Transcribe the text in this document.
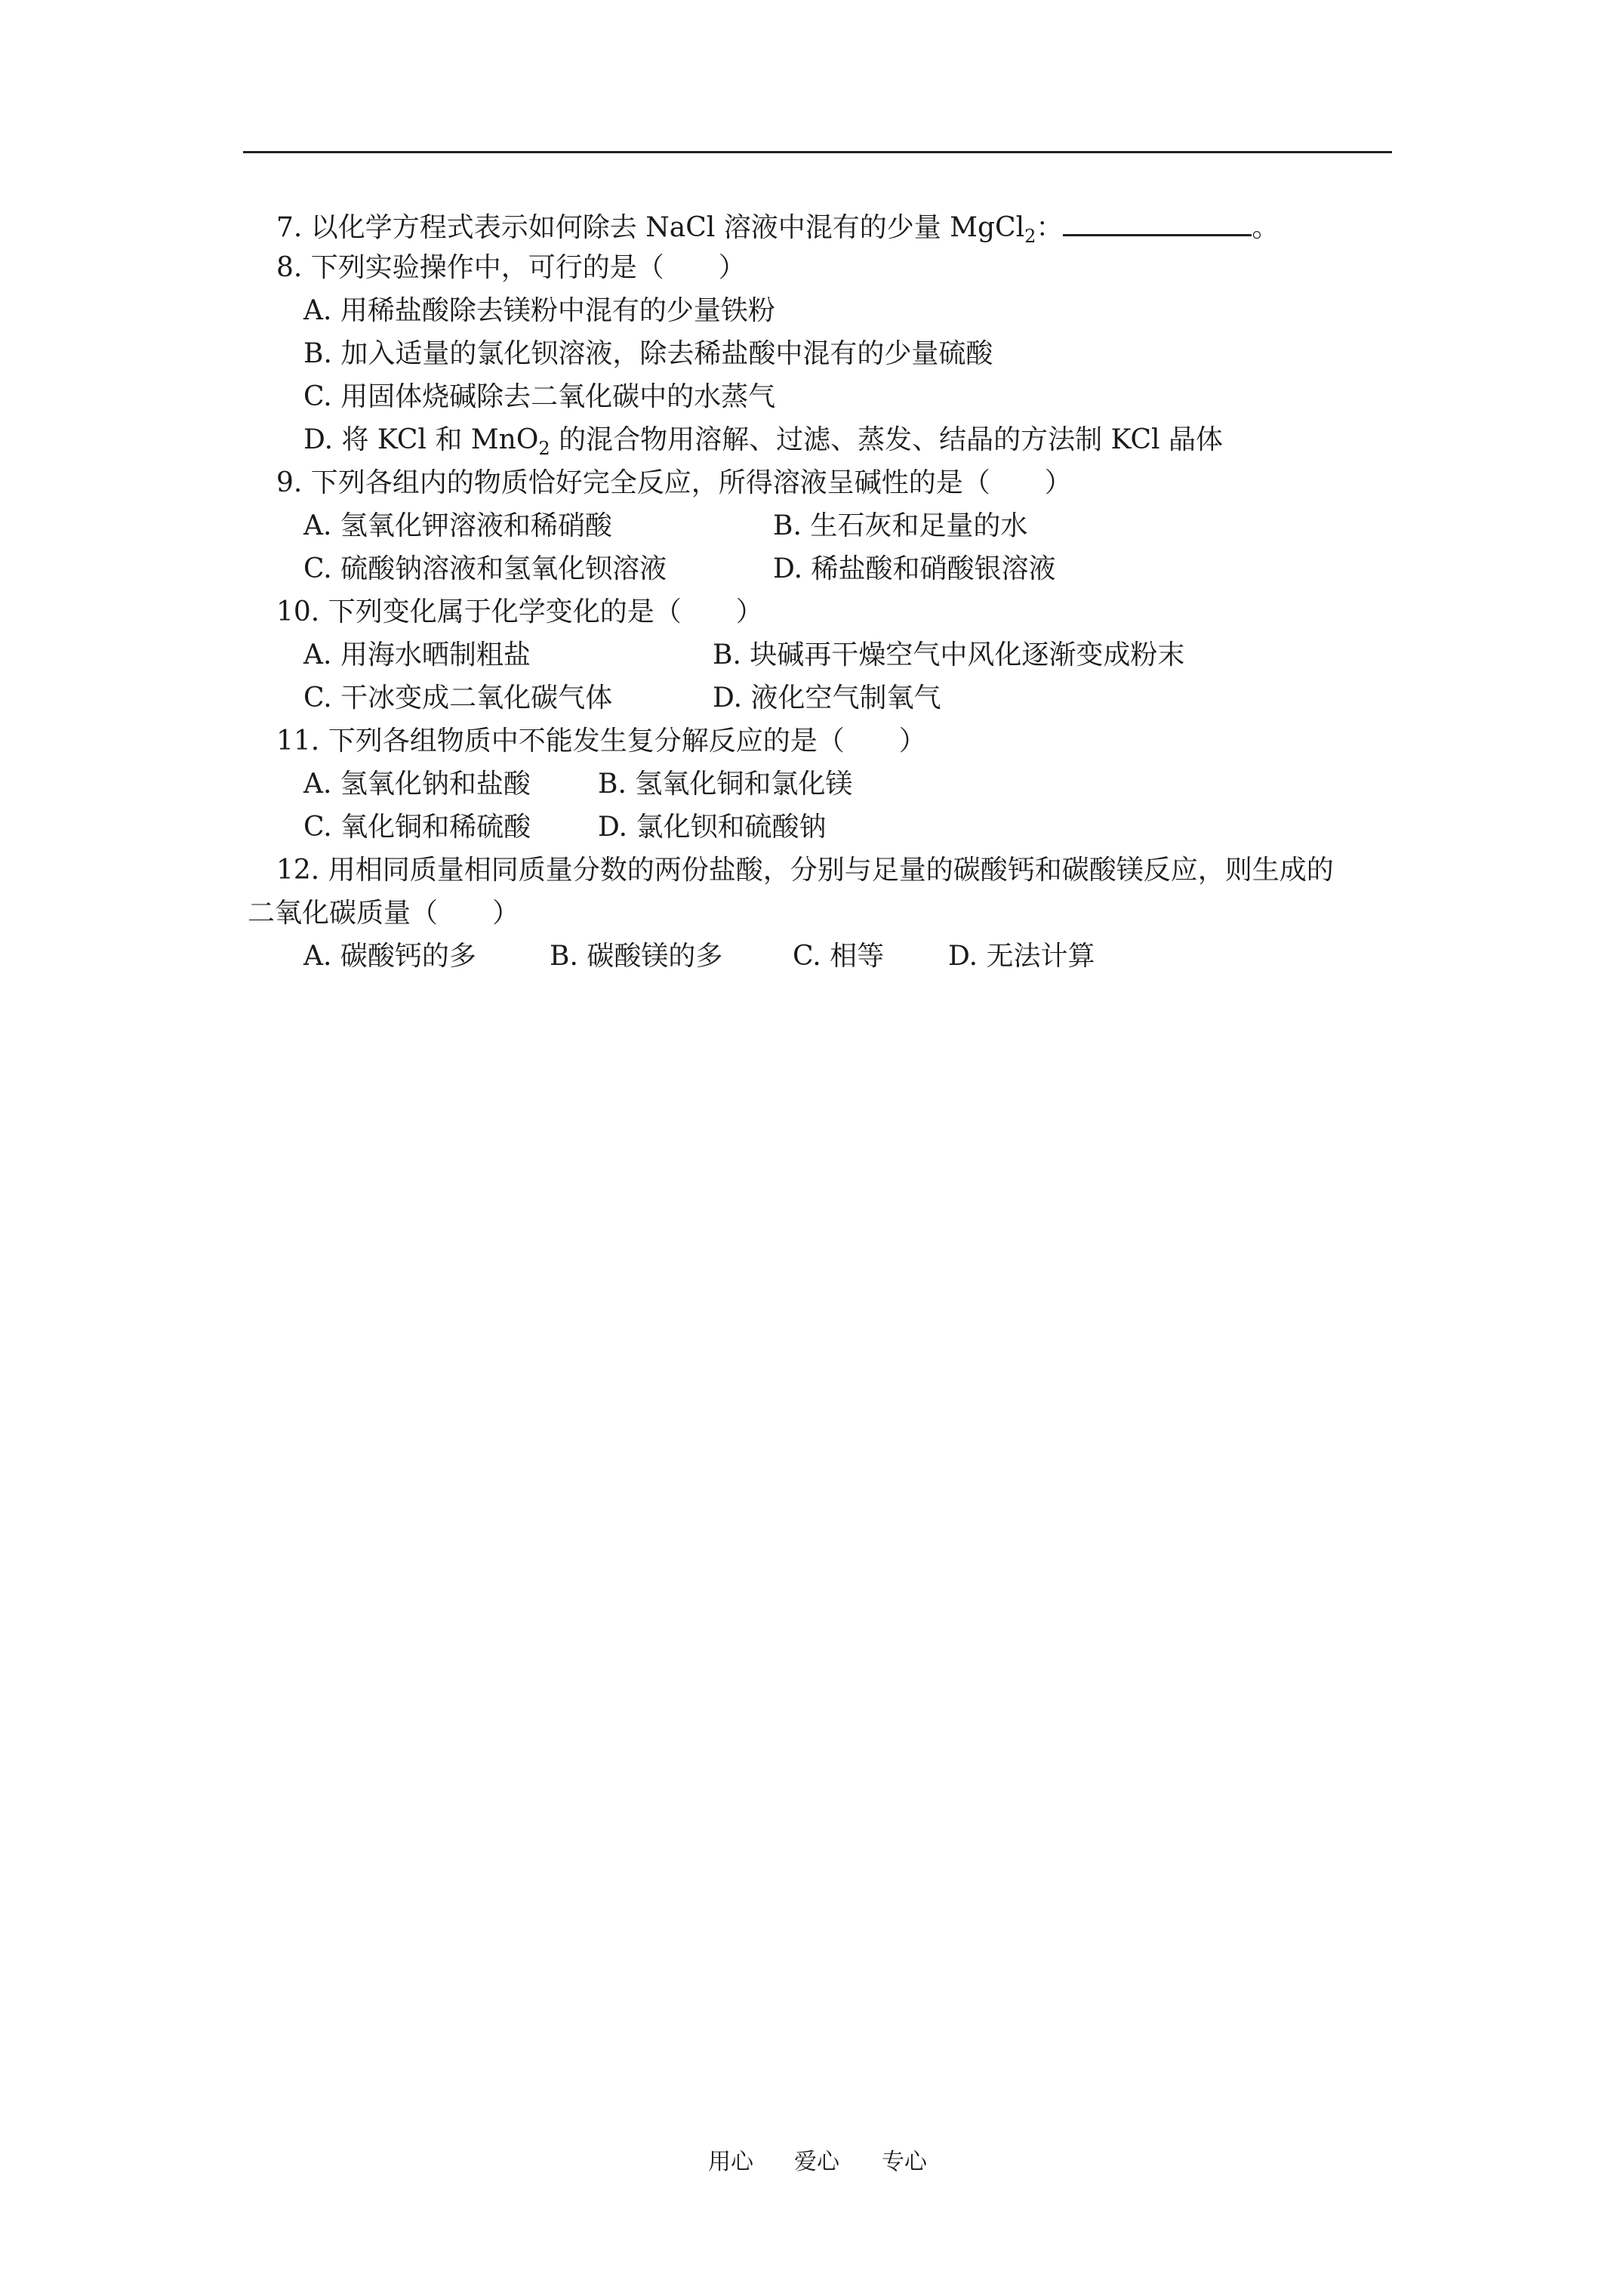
7. 以化学方程式表示如何除去 NaCl 溶液中混有的少量 MgCl$_2$：	。
8. 下列实验操作中，可行的是（　　）
A. 用稀盐酸除去镁粉中混有的少量铁粉
B. 加入适量的氯化钡溶液，除去稀盐酸中混有的少量硫酸
C. 用固体烧碱除去二氧化碳中的水蒸气
D. 将 KCl 和 MnO$_2$ 的混合物用溶解、过滤、蒸发、结晶的方法制 KCl 晶体
9. 下列各组内的物质恰好完全反应，所得溶液呈碱性的是（　　）
A. 氢氧化钾溶液和稀硝酸	B. 生石灰和足量的水
C. 硫酸钠溶液和氢氧化钡溶液	D. 稀盐酸和硝酸银溶液
10. 下列变化属于化学变化的是（　　）
A. 用海水晒制粗盐	B. 块碱再干燥空气中风化逐渐变成粉末
C. 干冰变成二氧化碳气体	D. 液化空气制氧气
11. 下列各组物质中不能发生复分解反应的是（　　）
A. 氢氧化钠和盐酸 B. 氢氧化铜和氯化镁
C. 氧化铜和稀硫酸 D. 氯化钡和硫酸钠
12. 用相同质量相同质量分数的两份盐酸，分别与足量的碳酸钙和碳酸镁反应，则生成的
二氧化碳质量（　　）
A. 碳酸钙的多	B. 碳酸镁的多	C. 相等 D. 无法计算
用心 爱心 专心
